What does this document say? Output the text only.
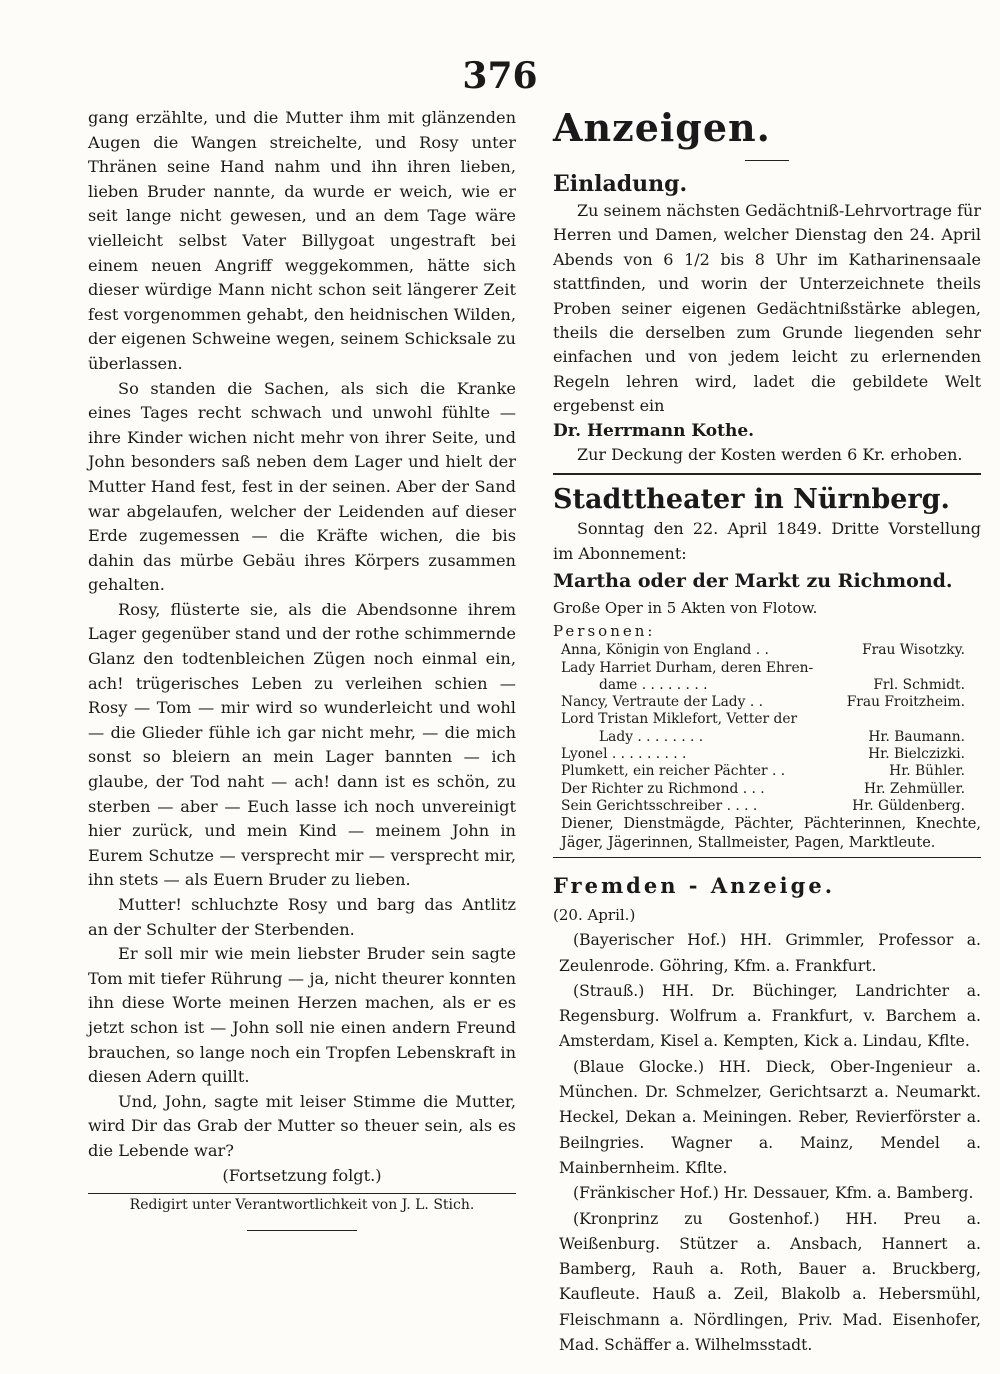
376

gang erzählte, und die Mutter ihm mit glänzenden Augen die Wangen streichelte, und Rosy unter Thränen seine Hand nahm und ihn ihren lieben, lieben Bruder nannte, da wurde er weich, wie er seit lange nicht gewesen, und an dem Tage wäre vielleicht selbst Vater Billygoat ungestraft bei einem neuen Angriff weggekommen, hätte sich dieser würdige Mann nicht schon seit längerer Zeit fest vorgenommen gehabt, den heidnischen Wilden, der eigenen Schweine wegen, seinem Schicksale zu überlassen.

So standen die Sachen, als sich die Kranke eines Tages recht schwach und unwohl fühlte — ihre Kinder wichen nicht mehr von ihrer Seite, und John besonders saß neben dem Lager und hielt der Mutter Hand fest, fest in der seinen. Aber der Sand war abgelaufen, welcher der Leidenden auf dieser Erde zugemessen — die Kräfte wichen, die bis dahin das mürbe Gebäu ihres Körpers zusammen gehalten.

Rosy, flüsterte sie, als die Abendsonne ihrem Lager gegenüber stand und der rothe schimmernde Glanz den todtenbleichen Zügen noch einmal ein, ach! trügerisches Leben zu verleihen schien — Rosy — Tom — mir wird so wunderleicht und wohl — die Glieder fühle ich gar nicht mehr, — die mich sonst so bleiern an mein Lager bannten — ich glaube, der Tod naht — ach! dann ist es schön, zu sterben — aber — Euch lasse ich noch unvereinigt hier zurück, und mein Kind — meinem John in Eurem Schutze — versprecht mir — versprecht mir, ihn stets — als Euern Bruder zu lieben.

Mutter! schluchzte Rosy und barg das Antlitz an der Schulter der Sterbenden.

Er soll mir wie mein liebster Bruder sein sagte Tom mit tiefer Rührung — ja, nicht theurer konnten ihn diese Worte meinen Herzen machen, als er es jetzt schon ist — John soll nie einen andern Freund brauchen, so lange noch ein Tropfen Lebenskraft in diesen Adern quillt.

Und, John, sagte mit leiser Stimme die Mutter, wird Dir das Grab der Mutter so theuer sein, als es die Lebende war?

(Fortsetzung folgt.)

Redigirt unter Verantwortlichkeit von J. L. Stich.

Anzeigen.

Einladung.

Zu seinem nächsten Gedächtniß-Lehrvortrage für Herren und Damen, welcher Dienstag den 24. April Abends von 6 1/2 bis 8 Uhr im Katharinensaale stattfinden, und worin der Unterzeichnete theils Proben seiner eigenen Gedächtnißstärke ablegen, theils die derselben zum Grunde liegenden sehr einfachen und von jedem leicht zu erlernenden Regeln lehren wird, ladet die gebildete Welt ergebenst ein

Dr. Herrmann Kothe.

Zur Deckung der Kosten werden 6 Kr. erhoben.

Stadttheater in Nürnberg.

Sonntag den 22. April 1849. Dritte Vorstellung im Abonnement:

Martha oder der Markt zu Richmond.

Große Oper in 5 Akten von Flotow.

Personen:

Anna, Königin von England . .	Frau Wisotzky.
Lady Harriet Durham, deren Ehren-
dame . . . . . . . .	Frl. Schmidt.
Nancy, Vertraute der Lady . .	Frau Froitzheim.
Lord Tristan Miklefort, Vetter der
Lady . . . . . . . .	Hr. Baumann.
Lyonel . . . . . . . . .	Hr. Bielczizki.
Plumkett, ein reicher Pächter . .	Hr. Bühler.
Der Richter zu Richmond . . .	Hr. Zehmüller.
Sein Gerichtsschreiber . . . .	Hr. Güldenberg.

Diener, Dienstmägde, Pächter, Pächterinnen, Knechte, Jäger, Jägerinnen, Stallmeister, Pagen, Marktleute.

Fremden - Anzeige.

(20. April.)

(Bayerischer Hof.) HH. Grimmler, Professor a. Zeulenrode. Göhring, Kfm. a. Frankfurt.

(Strauß.) HH. Dr. Büchinger, Landrichter a. Regensburg. Wolfrum a. Frankfurt, v. Barchem a. Amsterdam, Kisel a. Kempten, Kick a. Lindau, Kfltе.

(Blaue Glocke.) HH. Dieck, Ober-Ingenieur a. München. Dr. Schmelzer, Gerichtsarzt a. Neumarkt. Heckel, Dekan a. Meiningen. Reber, Revierförster a. Beilngries. Wagner a. Mainz, Mendel a. Mainbernheim. Kflte.

(Fränkischer Hof.) Hr. Dessauer, Kfm. a. Bamberg.

(Kronprinz zu Gostenhof.) HH. Preu a. Weißenburg. Stützer a. Ansbach, Hannert a. Bamberg, Rauh a. Roth, Bauer a. Bruckberg, Kaufleute. Hauß a. Zeil, Blakolb a. Hebersmühl, Fleischmann a. Nördlingen, Priv. Mad. Eisenhofer, Mad. Schäffer a. Wilhelmsstadt.
